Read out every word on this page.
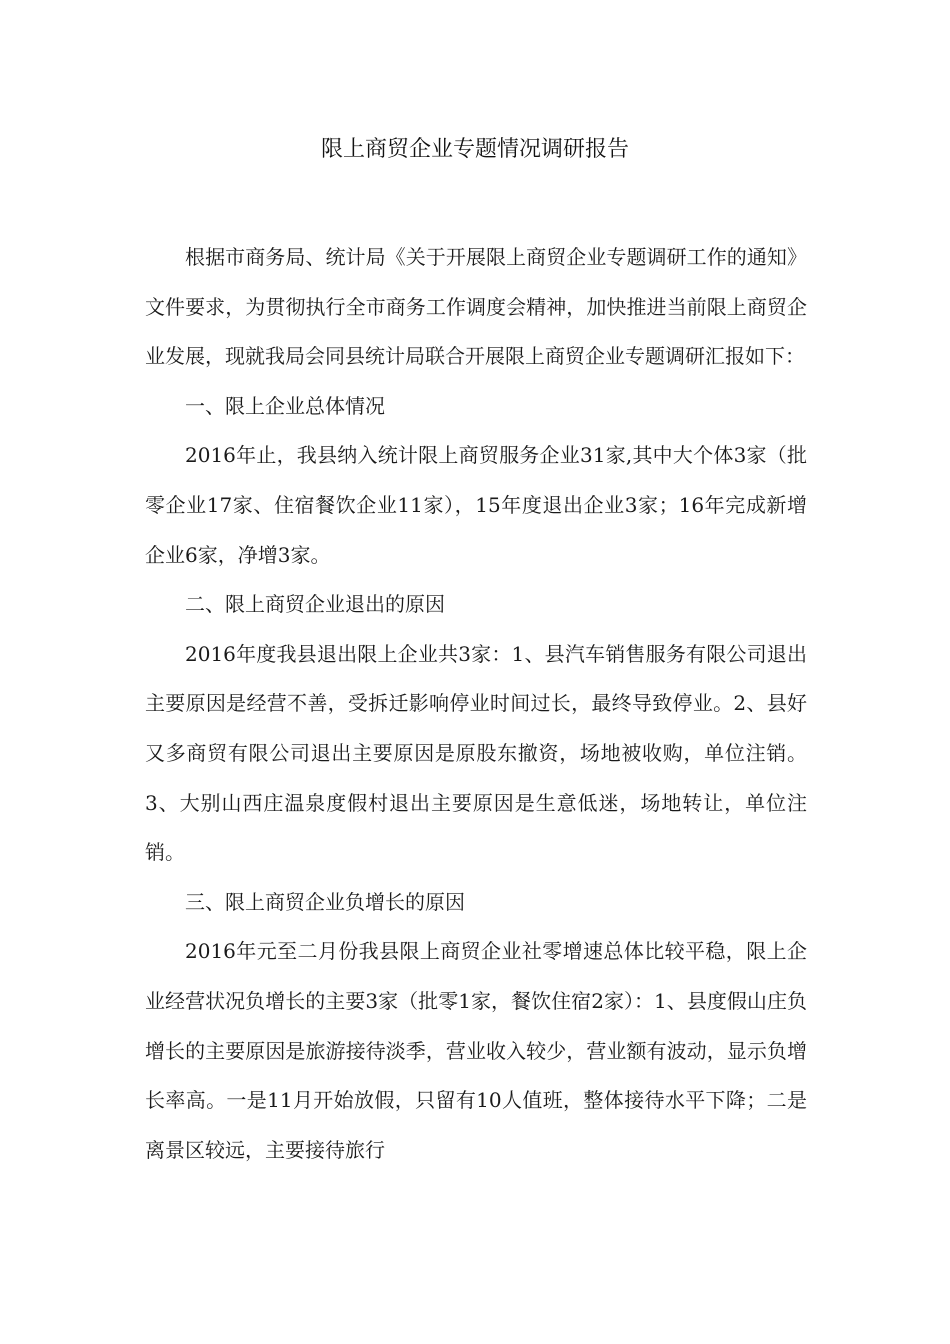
限上商贸企业专题情况调研报告

根据市商务局、统计局《关于开展限上商贸企业专题调研工作的通知》文件要求，为贯彻执行全市商务工作调度会精神，加快推进当前限上商贸企业发展，现就我局会同县统计局联合开展限上商贸企业专题调研汇报如下：

一、限上企业总体情况

2016年止，我县纳入统计限上商贸服务企业31家,其中大个体3家（批零企业17家、住宿餐饮企业11家），15年度退出企业3家；16年完成新增企业6家，净增3家。

二、限上商贸企业退出的原因

2016年度我县退出限上企业共3家：1、县汽车销售服务有限公司退出主要原因是经营不善，受拆迁影响停业时间过长，最终导致停业。2、县好又多商贸有限公司退出主要原因是原股东撤资，场地被收购，单位注销。3、大别山西庄温泉度假村退出主要原因是生意低迷，场地转让，单位注销。

三、限上商贸企业负增长的原因

2016年元至二月份我县限上商贸企业社零增速总体比较平稳，限上企业经营状况负增长的主要3家（批零1家，餐饮住宿2家）：1、县度假山庄负增长的主要原因是旅游接待淡季，营业收入较少，营业额有波动，显示负增长率高。一是11月开始放假，只留有10人值班，整体接待水平下降；二是离景区较远，主要接待旅行
